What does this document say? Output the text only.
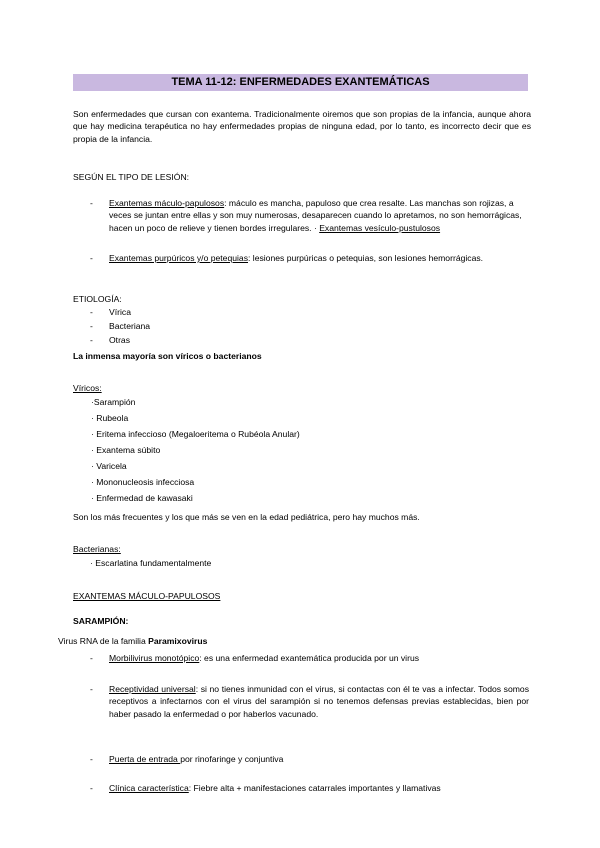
TEMA 11-12: ENFERMEDADES EXANTEMÁTICAS

Son enfermedades que cursan con exantema. Tradicionalmente oiremos que son propias de la infancia, aunque ahora que hay medicina terapéutica no hay enfermedades propias de ninguna edad, por lo tanto, es incorrecto decir que es propia de la infancia.

SEGÚN EL TIPO DE LESIÓN:

- Exantemas máculo-papulosos: máculo es mancha, papuloso que crea resalte. Las manchas son rojizas, a veces se juntan entre ellas y son muy numerosas, desaparecen cuando lo apretamos, no son hemorrágicas, hacen un poco de relieve y tienen bordes irregulares. · Exantemas vesículo-pustulosos
- Exantemas purpúricos y/o petequias: lesiones purpúricas o petequias, son lesiones hemorrágicas.

ETIOLOGÍA:

- Vírica
- Bacteriana
- Otras

La inmensa mayoría son víricos o bacterianos

Víricos:

·Sarampión
· Rubeola
· Eritema infeccioso (Megaloeritema o Rubéola Anular)
· Exantema súbito
· Varicela
· Mononucleosis infecciosa
· Enfermedad de kawasaki

Son los más frecuentes y los que más se ven en la edad pediátrica, pero hay muchos más.

Bacterianas:

· Escarlatina fundamentalmente

EXANTEMAS MÁCULO-PAPULOSOS

SARAMPIÓN:

Virus RNA de la familia Paramixovirus

- Morbilivirus monotópico: es una enfermedad exantemática producida por un virus
- Receptividad universal: si no tienes inmunidad con el virus, si contactas con él te vas a infectar. Todos somos receptivos a infectarnos con el virus del sarampión si no tenemos defensas previas establecidas, bien por haber pasado la enfermedad o por haberlos vacunado.
- Puerta de entrada por rinofaringe y conjuntiva
- Clínica característica: Fiebre alta + manifestaciones catarrales importantes y llamativas
